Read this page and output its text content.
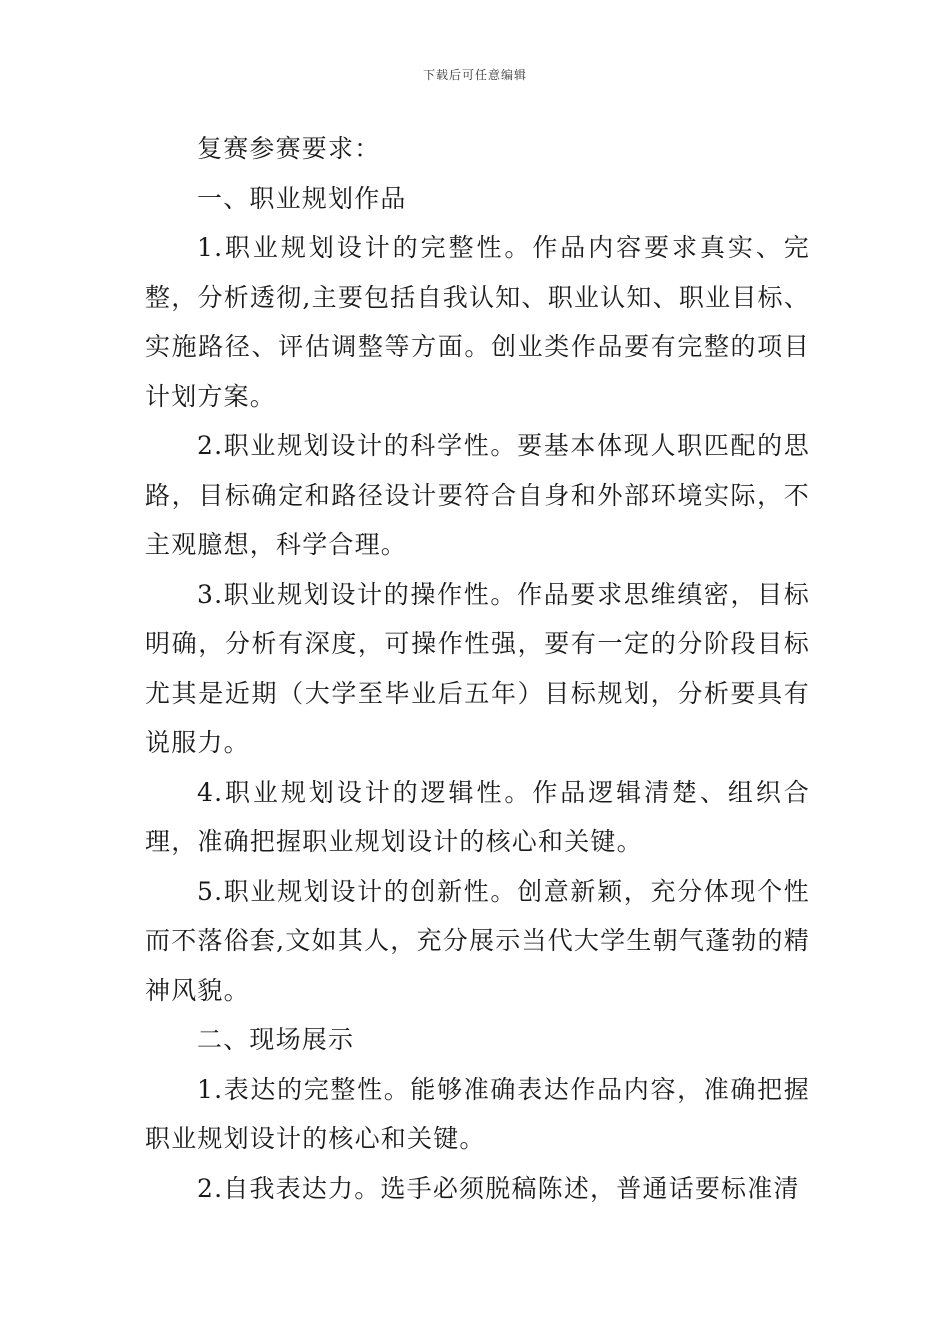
下载后可任意编辑

复赛参赛要求：

一、职业规划作品

1.职业规划设计的完整性。作品内容要求真实、完整，分析透彻,主要包括自我认知、职业认知、职业目标、实施路径、评估调整等方面。创业类作品要有完整的项目计划方案。

2.职业规划设计的科学性。要基本体现人职匹配的思路，目标确定和路径设计要符合自身和外部环境实际，不主观臆想，科学合理。

3.职业规划设计的操作性。作品要求思维缜密，目标明确，分析有深度，可操作性强，要有一定的分阶段目标尤其是近期（大学至毕业后五年）目标规划，分析要具有说服力。

4.职业规划设计的逻辑性。作品逻辑清楚、组织合理，准确把握职业规划设计的核心和关键。

5.职业规划设计的创新性。创意新颖，充分体现个性而不落俗套,文如其人，充分展示当代大学生朝气蓬勃的精神风貌。

二、现场展示

1.表达的完整性。能够准确表达作品内容，准确把握职业规划设计的核心和关键。

2.自我表达力。选手必须脱稿陈述，普通话要标准清
